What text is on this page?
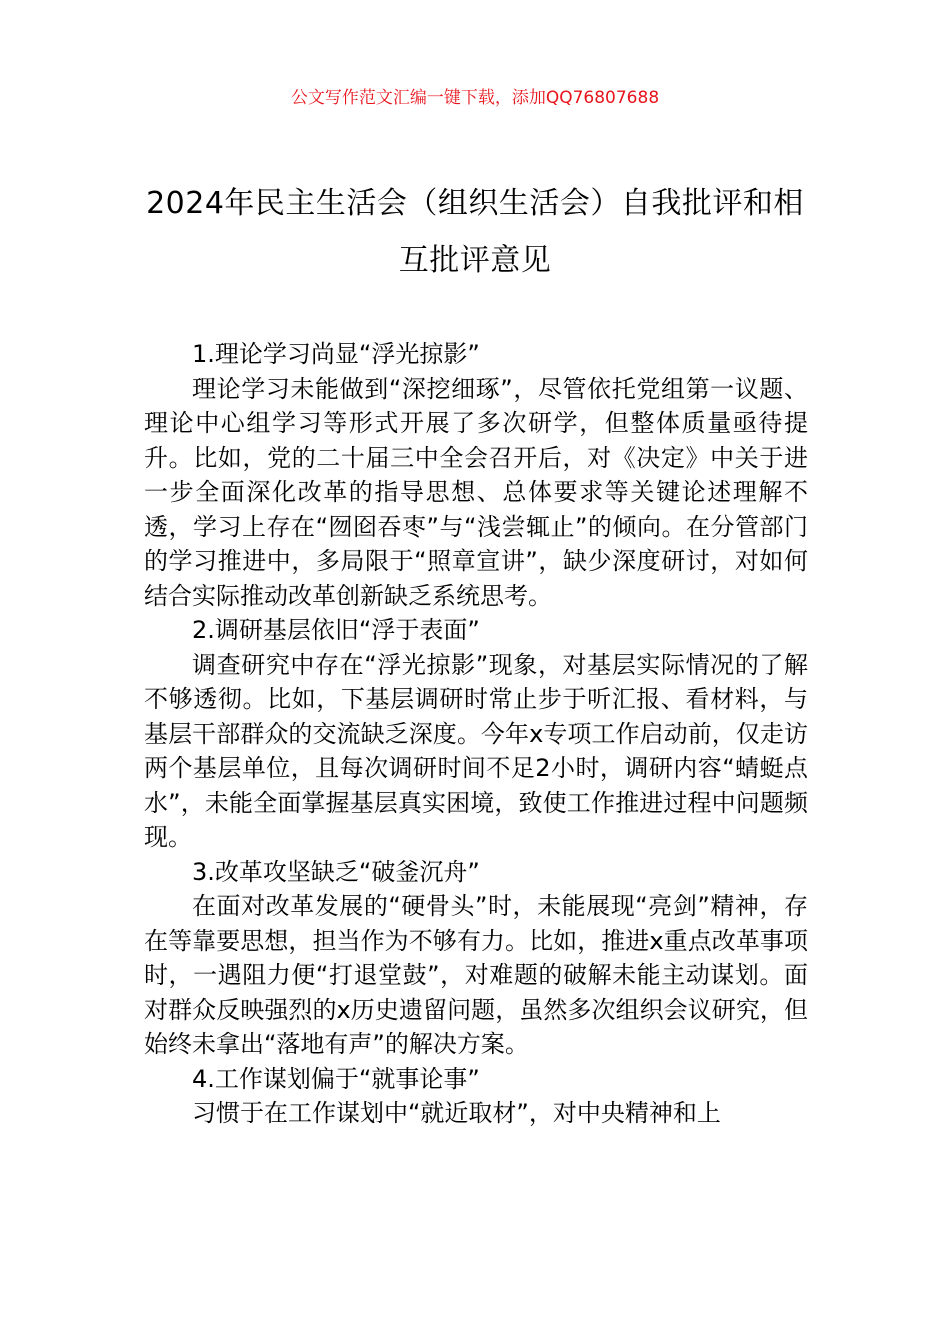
公文写作范文汇编一键下载，添加QQ76807688
2024年民主生活会（组织生活会）自我批评和相互批评意见

1.理论学习尚显“浮光掠影”

理论学习未能做到“深挖细琢”，尽管依托党组第一议题、理论中心组学习等形式开展了多次研学，但整体质量亟待提升。比如，党的二十届三中全会召开后，对《决定》中关于进一步全面深化改革的指导思想、总体要求等关键论述理解不透，学习上存在“囫囵吞枣”与“浅尝辄止”的倾向。在分管部门的学习推进中，多局限于“照章宣讲”，缺少深度研讨，对如何结合实际推动改革创新缺乏系统思考。

2.调研基层依旧“浮于表面”

调查研究中存在“浮光掠影”现象，对基层实际情况的了解不够透彻。比如，下基层调研时常止步于听汇报、看材料，与基层干部群众的交流缺乏深度。今年x专项工作启动前，仅走访两个基层单位，且每次调研时间不足2小时，调研内容“蜻蜓点水”，未能全面掌握基层真实困境，致使工作推进过程中问题频现。

3.改革攻坚缺乏“破釜沉舟”

在面对改革发展的“硬骨头”时，未能展现“亮剑”精神，存在等靠要思想，担当作为不够有力。比如，推进x重点改革事项时，一遇阻力便“打退堂鼓”，对难题的破解未能主动谋划。面对群众反映强烈的x历史遗留问题，虽然多次组织会议研究，但始终未拿出“落地有声”的解决方案。

4.工作谋划偏于“就事论事”

习惯于在工作谋划中“就近取材”，对中央精神和上
